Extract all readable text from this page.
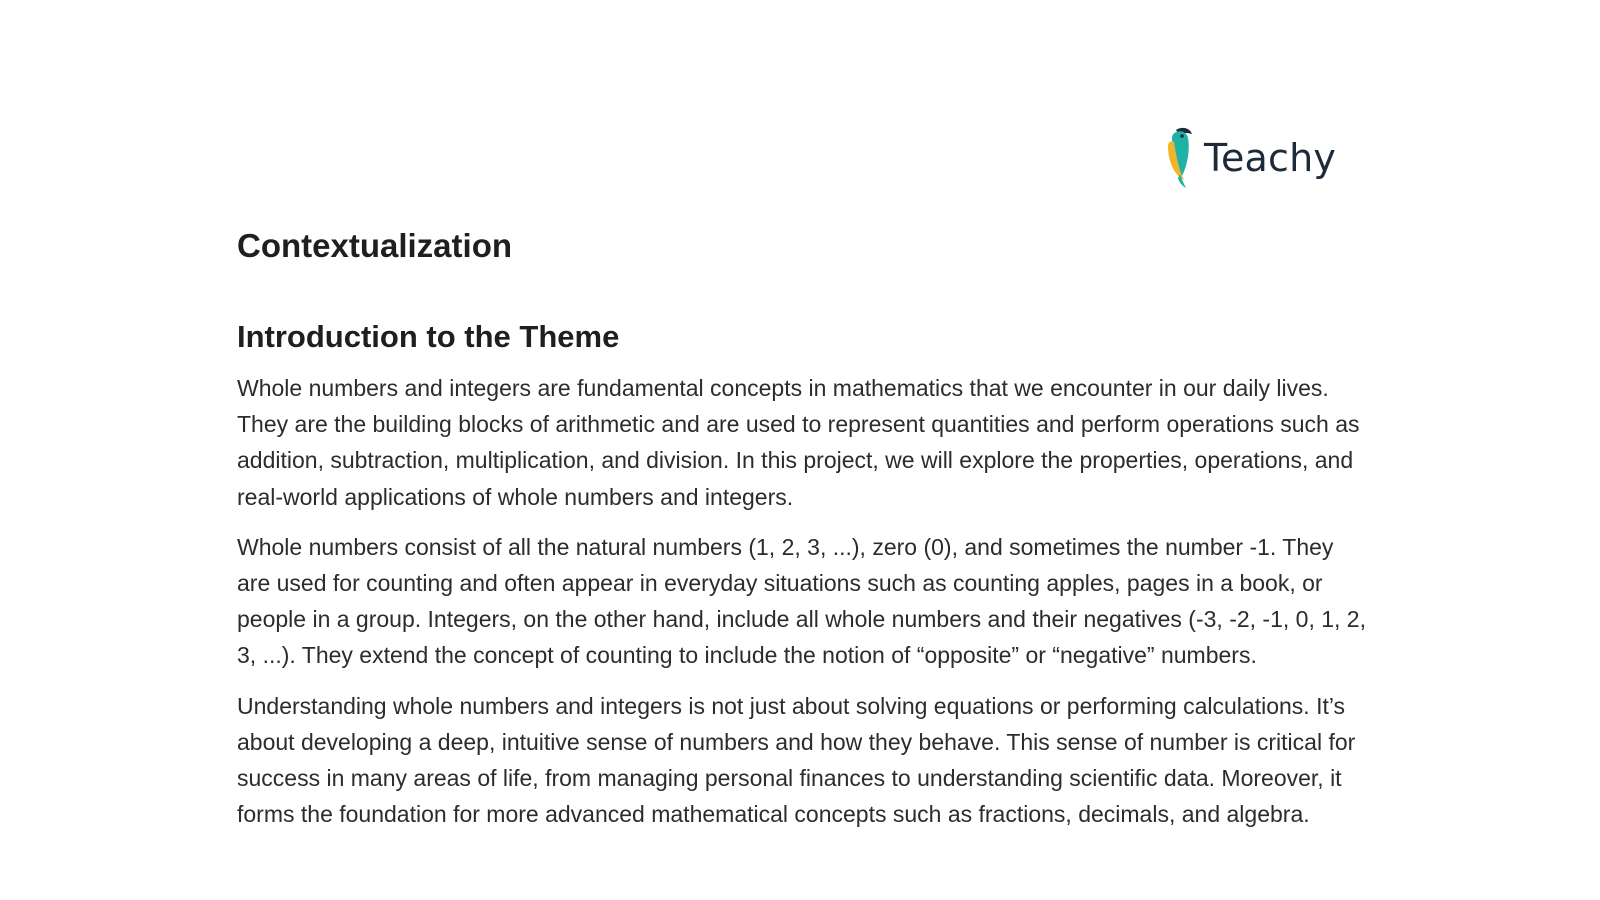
Teachy
Contextualization
Introduction to the Theme

Whole numbers and integers are fundamental concepts in mathematics that we encounter in our daily lives. They are the building blocks of arithmetic and are used to represent quantities and perform operations such as addition, subtraction, multiplication, and division. In this project, we will explore the properties, operations, and real-world applications of whole numbers and integers.

Whole numbers consist of all the natural numbers (1, 2, 3, ...), zero (0), and sometimes the number -1. They are used for counting and often appear in everyday situations such as counting apples, pages in a book, or people in a group. Integers, on the other hand, include all whole numbers and their negatives (-3, -2, -1, 0, 1, 2, 3, ...). They extend the concept of counting to include the notion of “opposite” or “negative” numbers.

Understanding whole numbers and integers is not just about solving equations or performing calculations. It’s about developing a deep, intuitive sense of numbers and how they behave. This sense of number is critical for success in many areas of life, from managing personal finances to understanding scientific data. Moreover, it forms the foundation for more advanced mathematical concepts such as fractions, decimals, and algebra.
